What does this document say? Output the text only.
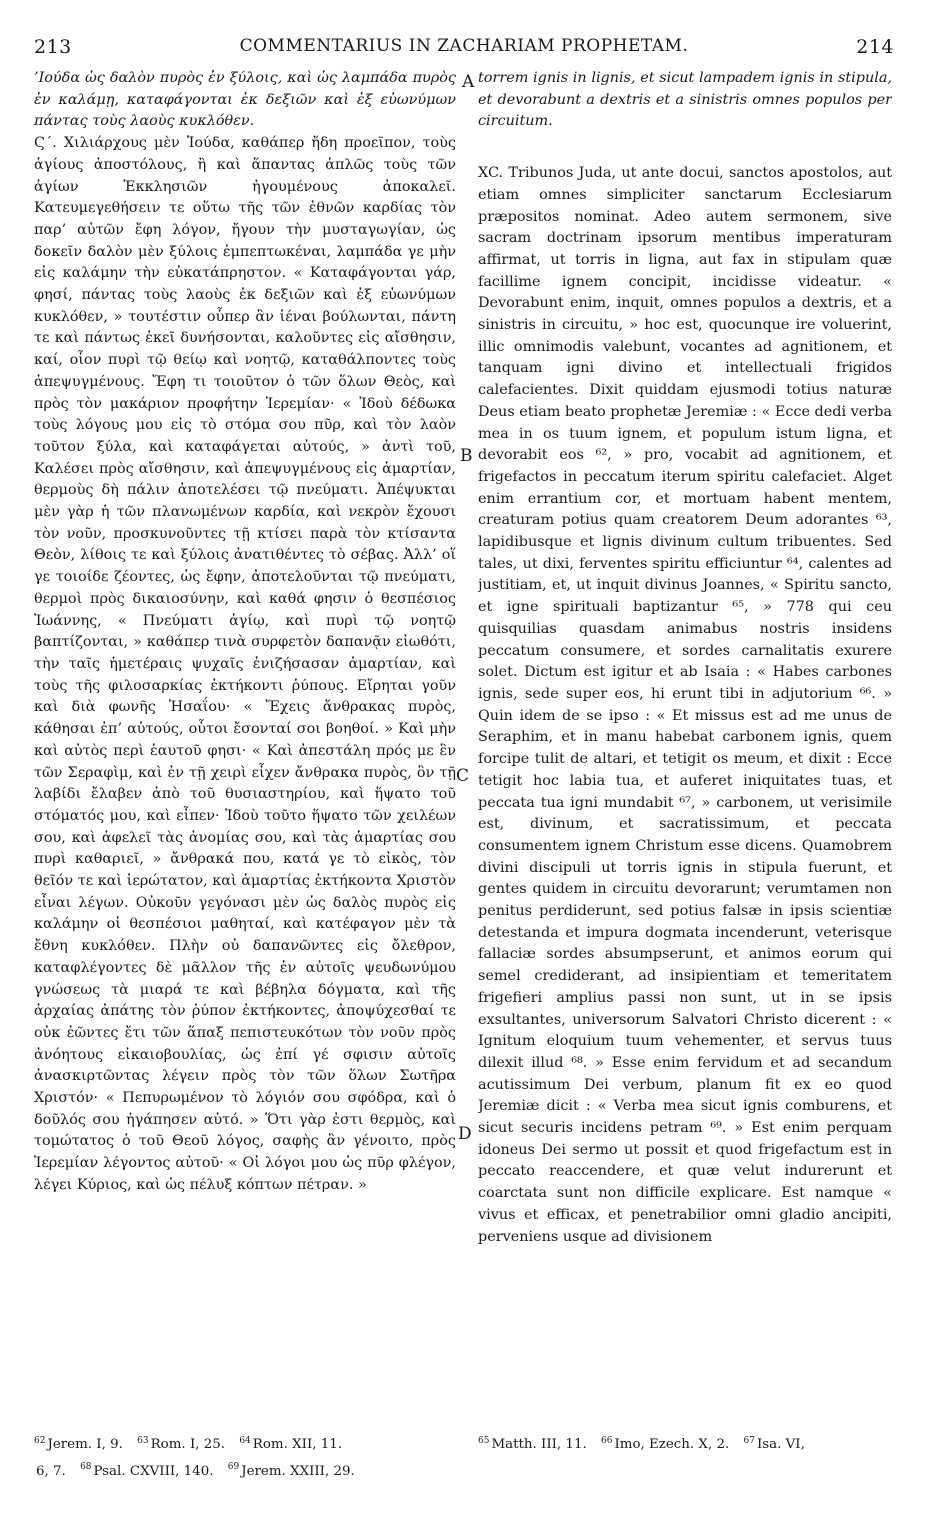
213	COMMENTARIUS IN ZACHARIAM PROPHETAM.	214

’Ιούδα ὡς δαλὸν πυρὸς ἐν ξύλοις, καὶ ὡς λαμπάδα πυρὸς ἐν καλάμῃ, καταφάγονται ἐκ δεξιῶν καὶ ἐξ εὐωνύμων πάντας τοὺς λαοὺς κυκλόθεν.

Ϛ΄. Χιλιάρχους μὲν Ἰούδα, καθάπερ ἤδη προεῖπον, τοὺς ἁγίους ἀποστόλους, ἢ καὶ ἅπαντας ἁπλῶς τοὺς τῶν ἁγίων Ἐκκλησιῶν ἡγουμένους ἀποκαλεῖ. Κατευμεγεθήσειν τε οὕτω τῆς τῶν ἐθνῶν καρδίας τὸν παρ’ αὐτῶν ἔφη λόγον, ἤγουν τὴν μυσταγωγίαν, ὡς δοκεῖν δαλὸν μὲν ξύλοις ἐμπεπτωκέναι, λαμπάδα γε μὴν εἰς καλάμην τὴν εὐκατάπρηστον. « Καταφάγονται γάρ, φησί, πάντας τοὺς λαοὺς ἐκ δεξιῶν καὶ ἐξ εὐωνύμων κυκλόθεν, » τουτέστιν οὗπερ ἂν ἱέναι βούλωνται, πάντη τε καὶ πάντως ἐκεῖ δυνήσονται, καλοῦντες εἰς αἴσθησιν, καί, οἷον πυρὶ τῷ θείῳ καὶ νοητῷ, καταθάλποντες τοὺς ἀπεψυγμένους. Ἔφη τι τοιοῦτον ὁ τῶν ὅλων Θεὸς, καὶ πρὸς τὸν μακάριον προφήτην Ἱερεμίαν· « Ἰδοὺ δέδωκα τοὺς λόγους μου εἰς τὸ στόμα σου πῦρ, καὶ τὸν λαὸν τοῦτον ξύλα, καὶ καταφάγεται αὐτούς, » ἀντὶ τοῦ, Καλέσει πρὸς αἴσθησιν, καὶ ἀπεψυγμένους εἰς ἁμαρτίαν, θερμοὺς δὴ πάλιν ἀποτελέσει τῷ πνεύματι. Ἀπέψυκται μὲν γὰρ ἡ τῶν πλανωμένων καρδία, καὶ νεκρὸν ἔχουσι τὸν νοῦν, προσκυνοῦντες τῇ κτίσει παρὰ τὸν κτίσαντα Θεὸν, λίθοις τε καὶ ξύλοις ἀνατιθέντες τὸ σέβας. Ἀλλ’ οἵ γε τοιοίδε ζέοντες, ὡς ἔφην, ἀποτελοῦνται τῷ πνεύματι, θερμοὶ πρὸς δικαιοσύνην, καὶ καθά φησιν ὁ θεσπέσιος Ἰωάννης, « Πνεύματι ἁγίῳ, καὶ πυρὶ τῷ νοητῷ βαπτίζονται, » καθάπερ τινὰ συρφετὸν δαπανᾷν εἰωθότι, τὴν ταῖς ἡμετέραις ψυχαῖς ἐνιζήσασαν ἁμαρτίαν, καὶ τοὺς τῆς φιλοσαρκίας ἐκτήκοντι ῥύπους. Εἴρηται γοῦν καὶ διὰ φωνῆς Ἡσαΐου· « Ἔχεις ἄνθρακας πυρὸς, κάθησαι ἐπ’ αὐτούς, οὗτοι ἔσονταί σοι βοηθοί. » Καὶ μὴν καὶ αὐτὸς περὶ ἑαυτοῦ φησι· « Καὶ ἀπεστάλη πρός με ἓν τῶν Σεραφὶμ, καὶ ἐν τῇ χειρὶ εἶχεν ἄνθρακα πυρὸς, ὃν τῇ λαβίδι ἔλαβεν ἀπὸ τοῦ θυσιαστηρίου, καὶ ἥψατο τοῦ στόματός μου, καὶ εἶπεν· Ἰδοὺ τοῦτο ἥψατο τῶν χειλέων σου, καὶ ἀφελεῖ τὰς ἀνομίας σου, καὶ τὰς ἁμαρτίας σου πυρὶ καθαριεῖ, » ἄνθρακά που, κατά γε τὸ εἰκὸς, τὸν θεῖόν τε καὶ ἱερώτατον, καὶ ἁμαρτίας ἐκτήκοντα Χριστὸν εἶναι λέγων. Οὐκοῦν γεγόνασι μὲν ὡς δαλὸς πυρὸς εἰς καλάμην οἱ θεσπέσιοι μαθηταί, καὶ κατέφαγον μὲν τὰ ἔθνη κυκλόθεν. Πλὴν οὐ δαπανῶντες εἰς ὄλεθρον, καταφλέγοντες δὲ μᾶλλον τῆς ἐν αὐτοῖς ψευδωνύμου γνώσεως τὰ μιαρά τε καὶ βέβηλα δόγματα, καὶ τῆς ἀρχαίας ἀπάτης τὸν ῥύπον ἐκτήκοντες, ἀποψύχεσθαί τε οὐκ ἐῶντες ἔτι τῶν ἅπαξ πεπιστευκότων τὸν νοῦν πρὸς ἀνόητους εἰκαιοβουλίας, ὡς ἐπί γέ σφισιν αὐτοῖς ἀνασκιρτῶντας λέγειν πρὸς τὸν τῶν ὅλων Σωτῆρα Χριστόν· « Πεπυρωμένον τὸ λόγιόν σου σφόδρα, καὶ ὁ δοῦλός σου ἠγάπησεν αὐτό. » Ὅτι γὰρ ἐστι θερμὸς, καὶ τομώτατος ὁ τοῦ Θεοῦ λόγος, σαφὴς ἂν γένοιτο, πρὸς Ἱερεμίαν λέγοντος αὐτοῦ· « Οἱ λόγοι μου ὡς πῦρ φλέγον, λέγει Κύριος, καὶ ὡς πέλυξ κόπτων πέτραν. »

torrem ignis in lignis, et sicut lampadem ignis in stipula, et devorabunt a dextris et a sinistris omnes populos per circuitum.

XC. Tribunos Juda, ut ante docui, sanctos apostolos, aut etiam omnes simpliciter sanctarum Ecclesiarum præpositos nominat. Adeo autem sermonem, sive sacram doctrinam ipsorum mentibus imperaturam affirmat, ut torris in ligna, aut fax in stipulam quæ facillime ignem concipit, incidisse videatur. « Devorabunt enim, inquit, omnes populos a dextris, et a sinistris in circuitu, » hoc est, quocunque ire voluerint, illic omnimodis valebunt, vocantes ad agnitionem, et tanquam igni divino et intellectuali frigidos calefacientes. Dixit quiddam ejusmodi totius naturæ Deus etiam beato prophetæ Jeremiæ : « Ecce dedi verba mea in os tuum ignem, et populum istum ligna, et devorabit eos ⁶², » pro, vocabit ad agnitionem, et frigefactos in peccatum iterum spiritu calefaciet. Alget enim errantium cor, et mortuam habent mentem, creaturam potius quam creatorem Deum adorantes ⁶³, lapidibusque et lignis divinum cultum tribuentes. Sed tales, ut dixi, ferventes spiritu efficiuntur ⁶⁴, calentes ad justitiam, et, ut inquit divinus Joannes, « Spiritu sancto, et igne spirituali baptizantur ⁶⁵, » 778 qui ceu quisquilias quasdam animabus nostris insidens peccatum consumere, et sordes carnalitatis exurere solet. Dictum est igitur et ab Isaia : « Habes carbones ignis, sede super eos, hi erunt tibi in adjutorium ⁶⁶. » Quin idem de se ipso : « Et missus est ad me unus de Seraphim, et in manu habebat carbonem ignis, quem forcipe tulit de altari, et tetigit os meum, et dixit : Ecce tetigit hoc labia tua, et auferet iniquitates tuas, et peccata tua igni mundabit ⁶⁷, » carbonem, ut verisimile est, divinum, et sacratissimum, et peccata consumentem ignem Christum esse dicens. Quamobrem divini discipuli ut torris ignis in stipula fuerunt, et gentes quidem in circuitu devorarunt; verumtamen non penitus perdiderunt, sed potius falsæ in ipsis scientiæ detestanda et impura dogmata incenderunt, veterisque fallaciæ sordes absumpserunt, et animos eorum qui semel crediderant, ad insipientiam et temeritatem frigefieri amplius passi non sunt, ut in se ipsis exsultantes, universorum Salvatori Christo dicerent : « Ignitum eloquium tuum vehementer, et servus tuus dilexit illud ⁶⁸. » Esse enim fervidum et ad secandum acutissimum Dei verbum, planum fit ex eo quod Jeremiæ dicit : « Verba mea sicut ignis comburens, et sicut securis incidens petram ⁶⁹. » Est enim perquam idoneus Dei sermo ut possit et quod frigefactum est in peccato reaccendere, et quæ velut indurerunt et coarctata sunt non difficile explicare. Est namque « vivus et efficax, et penetrabilior omni gladio ancipiti, perveniens usque ad divisionem

A
B
C
D
$^{62}$ Jerem. I, 9. $^{63}$ Rom. I, 25. $^{64}$ Rom. XII, 11.
6, 7. $^{68}$ Psal. CXVIII, 140. $^{69}$ Jerem. XXIII, 29.
$^{65}$ Matth. III, 11. $^{66}$ Imo, Ezech. X, 2. $^{67}$ Isa. VI,
